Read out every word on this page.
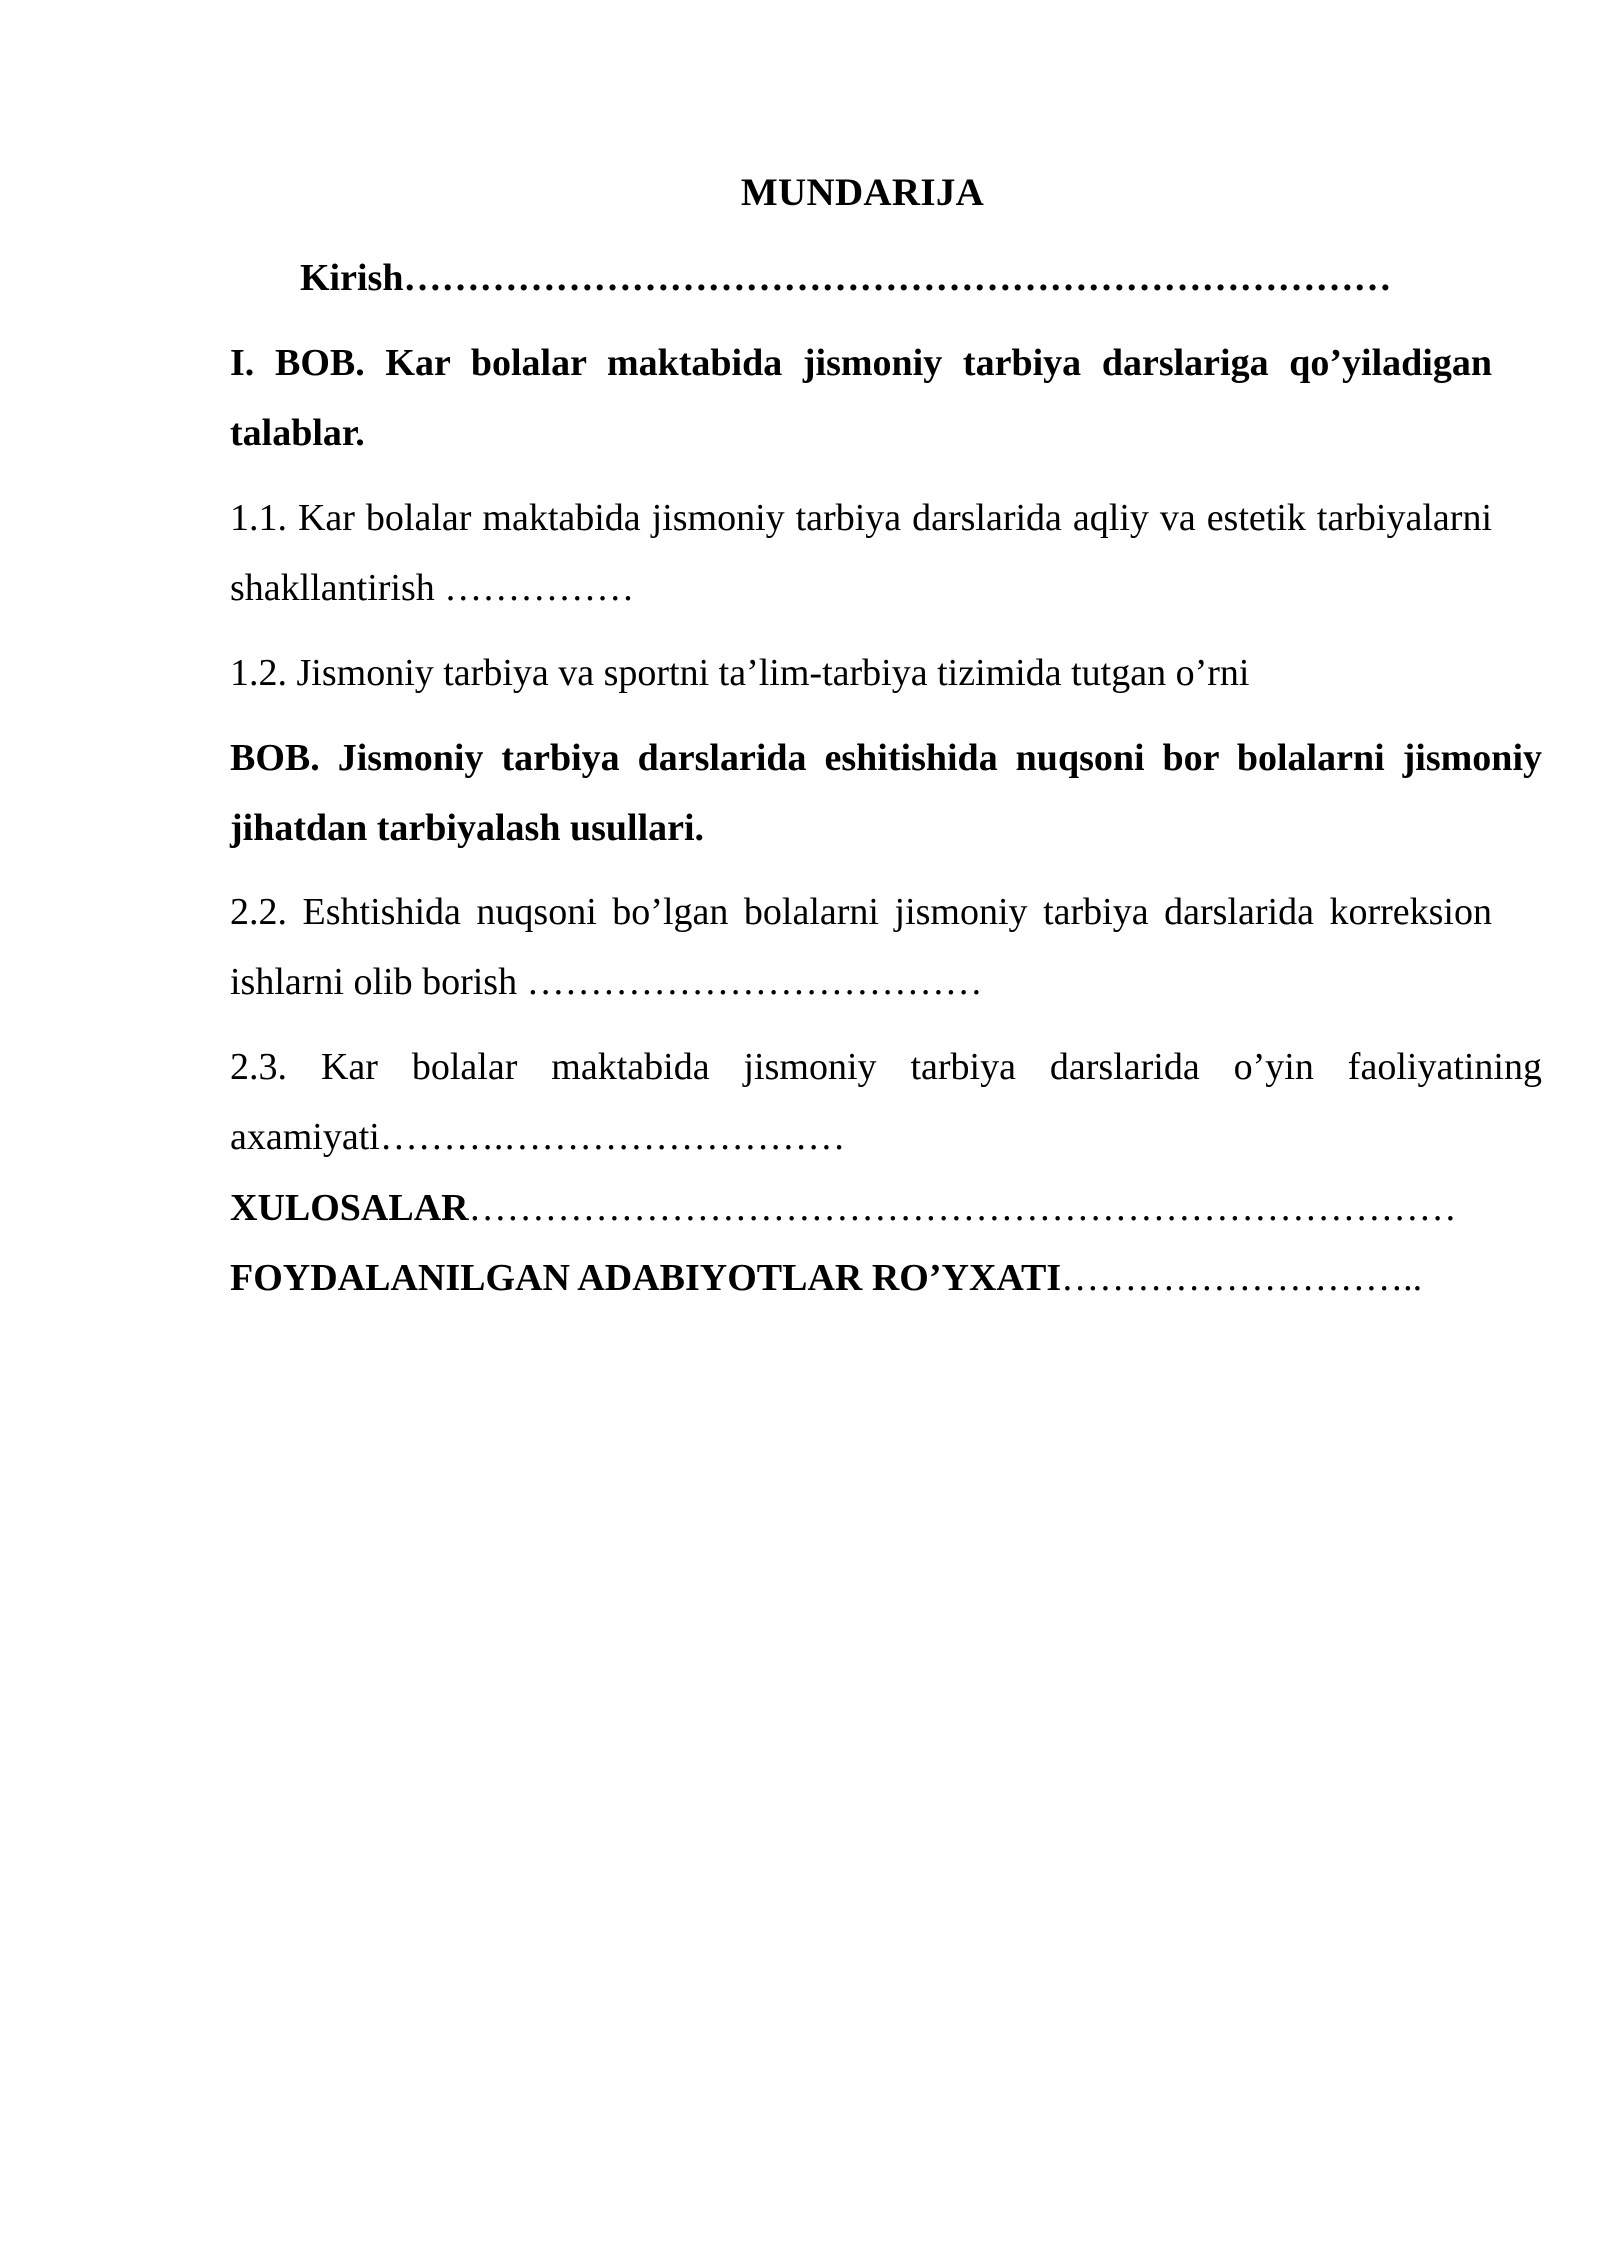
MUNDARIJA
Kirish……………………………………………………………………
I. BOB. Kar bolalar maktabida jismoniy tarbiya darslariga qo’yiladigan talablar.
1.1. Kar bolalar maktabida jismoniy tarbiya darslarida aqliy va estetik tarbiyalarni shakllantirish ……………
1.2. Jismoniy tarbiya va sportni ta’lim-tarbiya tizimida tutgan o’rni
BOB. Jismoniy tarbiya darslarida eshitishida nuqsoni bor bolalarni jismoniy jihatdan tarbiyalash usullari.
2.2. Eshtishida nuqsoni bo’lgan bolalarni jismoniy tarbiya darslarida korreksion ishlarni olib borish ………………………………
2.3. Kar bolalar maktabida jismoniy tarbiya darslarida o’yin faoliyatining axamiyati……….………………………
XULOSALAR……………………………………………………………………
FOYDALANILGAN ADABIYOTLAR RO’YXATI………………………..
